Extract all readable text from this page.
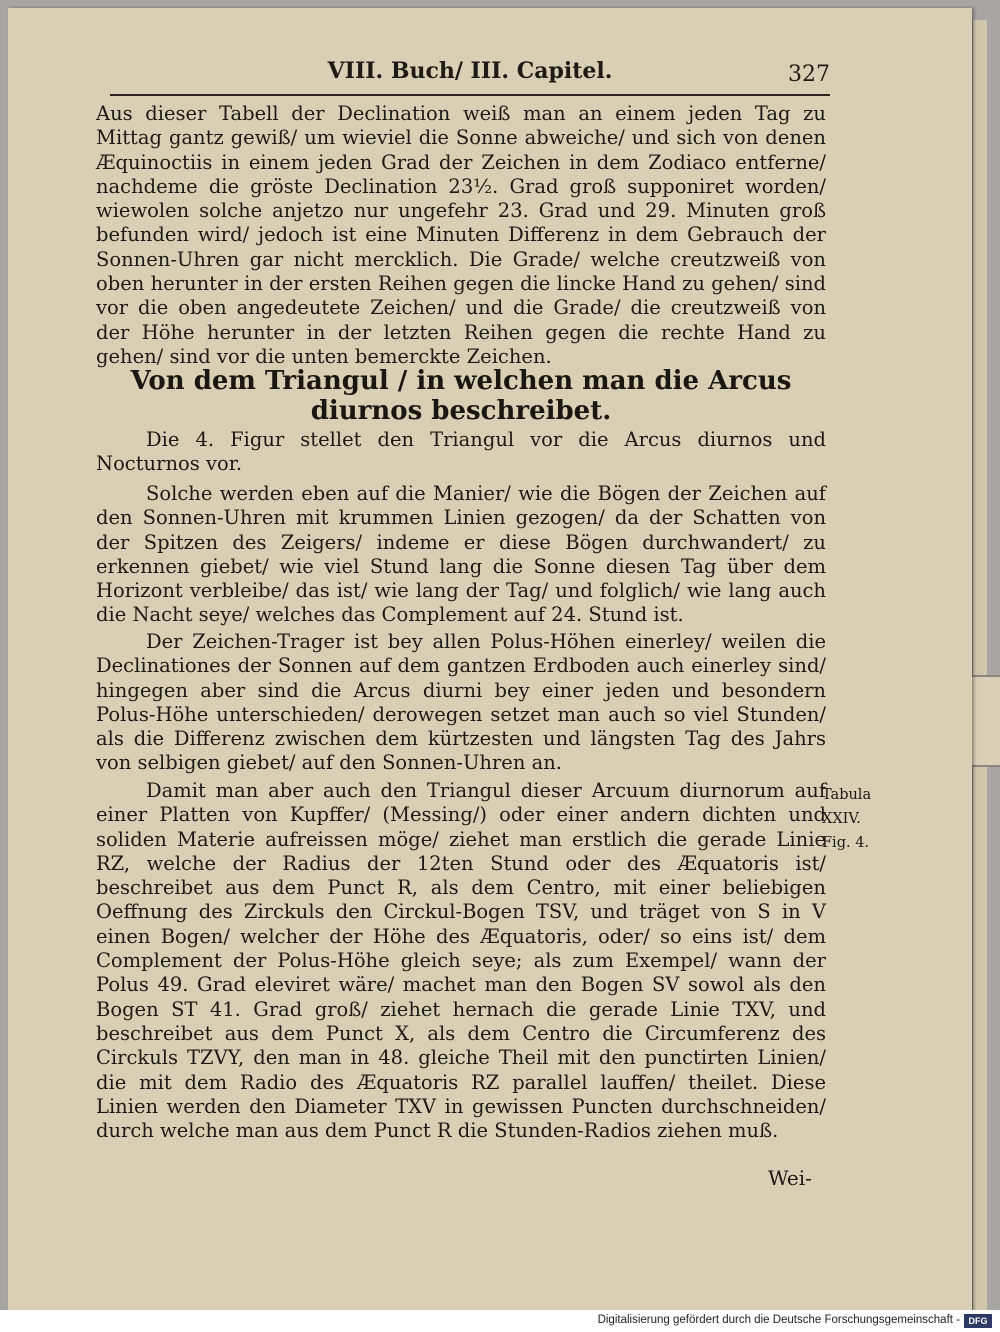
VIII. Buch/ III. Capitel.	327

Aus dieser Tabell der Declination weiß man an einem jeden Tag zu Mittag gantz gewiß/ um wieviel die Sonne abweiche/ und sich von denen Æquinoctiis in einem jeden Grad der Zeichen in dem Zodiaco entferne/ nachdeme die gröste Declination 23½. Grad groß supponiret worden/ wiewolen solche anjetzo nur ungefehr 23. Grad und 29. Minuten groß befunden wird/ jedoch ist eine Minuten Differenz in dem Gebrauch der Sonnen-Uhren gar nicht mercklich. Die Grade/ welche creutzweiß von oben herunter in der ersten Reihen gegen die lincke Hand zu gehen/ sind vor die oben angedeutete Zeichen/ und die Grade/ die creutzweiß von der Höhe herunter in der letzten Reihen gegen die rechte Hand zu gehen/ sind vor die unten bemerckte Zeichen.

Von dem Triangul / in welchen man die Arcus diurnos beschreibet.

Die 4. Figur stellet den Triangul vor die Arcus diurnos und Nocturnos vor.

Solche werden eben auf die Manier/ wie die Bögen der Zeichen auf den Sonnen-Uhren mit krummen Linien gezogen/ da der Schatten von der Spitzen des Zeigers/ indeme er diese Bögen durchwandert/ zu erkennen giebet/ wie viel Stund lang die Sonne diesen Tag über dem Horizont verbleibe/ das ist/ wie lang der Tag/ und folglich/ wie lang auch die Nacht seye/ welches das Complement auf 24. Stund ist.

Der Zeichen-Trager ist bey allen Polus-Höhen einerley/ weilen die Declinationes der Sonnen auf dem gantzen Erdboden auch einerley sind/ hingegen aber sind die Arcus diurni bey einer jeden und besondern Polus-Höhe unterschieden/ derowegen setzet man auch so viel Stunden/ als die Differenz zwischen dem kürtzesten und längsten Tag des Jahrs von selbigen giebet/ auf den Sonnen-Uhren an.

Damit man aber auch den Triangul dieser Arcuum diurnorum auf einer Platten von Kupffer/ (Messing/) oder einer andern dichten und soliden Materie aufreissen möge/ ziehet man erstlich die gerade Linie RZ, welche der Radius der 12ten Stund oder des Æquatoris ist/ beschreibet aus dem Punct R, als dem Centro, mit einer beliebigen Oeffnung des Zirckuls den Circkul-Bogen TSV, und träget von S in V einen Bogen/ welcher der Höhe des Æquatoris, oder/ so eins ist/ dem Complement der Polus-Höhe gleich seye; als zum Exempel/ wann der Polus 49. Grad eleviret wäre/ machet man den Bogen SV sowol als den Bogen ST 41. Grad groß/ ziehet hernach die gerade Linie TXV, und beschreibet aus dem Punct X, als dem Centro die Circumferenz des Circkuls TZVY, den man in 48. gleiche Theil mit den punctirten Linien/ die mit dem Radio des Æquatoris RZ parallel lauffen/ theilet. Diese Linien werden den Diameter TXV in gewissen Puncten durchschneiden/ durch welche man aus dem Punct R die Stunden-Radios ziehen muß.

Tabula
XXIV.
Fig. 4.
Wei-
Digitalisierung gefördert durch die Deutsche Forschungsgemeinschaft - DFG
